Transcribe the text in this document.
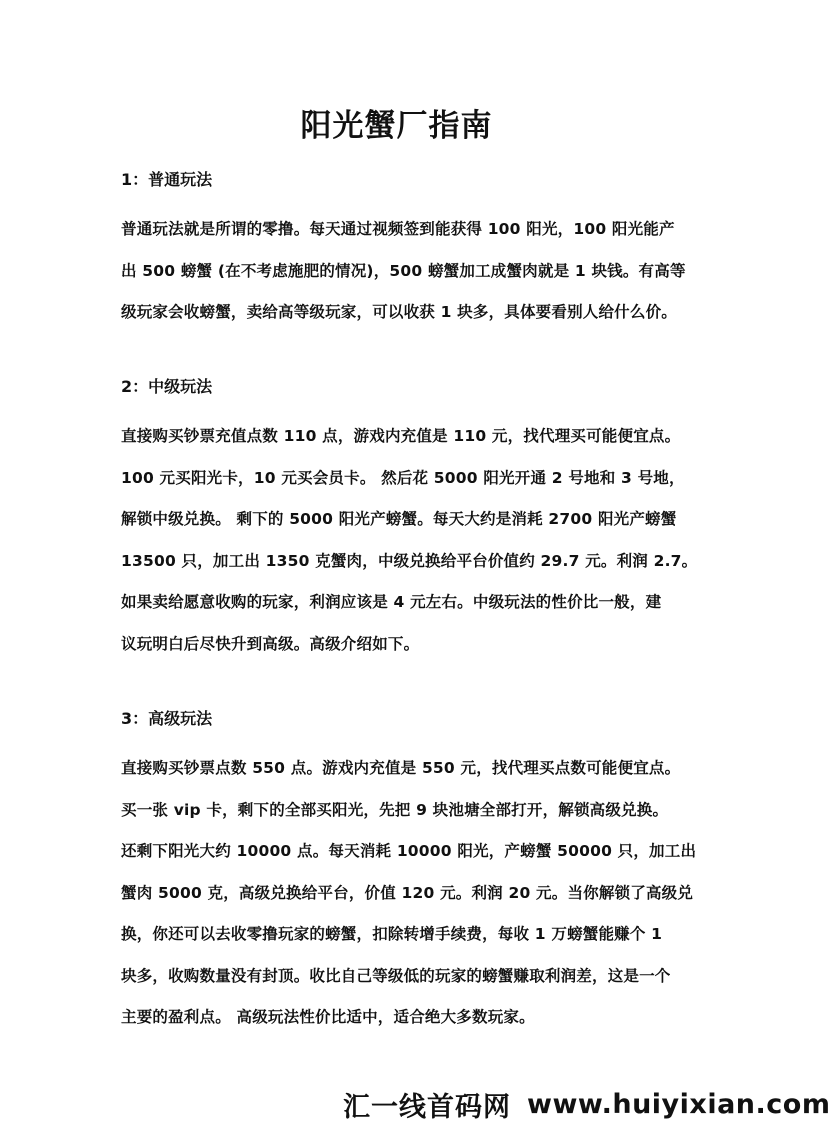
阳光蟹厂指南
1：普通玩法
普通玩法就是所谓的零撸。每天通过视频签到能获得 100 阳光，100 阳光能产
出 500 螃蟹 (在不考虑施肥的情况)，500 螃蟹加工成蟹肉就是 1 块钱。有高等
级玩家会收螃蟹，卖给高等级玩家，可以收获 1 块多，具体要看别人给什么价。
2：中级玩法
直接购买钞票充值点数 110 点，游戏内充值是 110 元，找代理买可能便宜点。
100 元买阳光卡，10 元买会员卡。 然后花 5000 阳光开通 2 号地和 3 号地，
解锁中级兑换。 剩下的 5000 阳光产螃蟹。每天大约是消耗 2700 阳光产螃蟹
13500 只，加工出 1350 克蟹肉，中级兑换给平台价值约 29.7 元。利润 2.7。
如果卖给愿意收购的玩家，利润应该是 4 元左右。中级玩法的性价比一般，建
议玩明白后尽快升到高级。高级介绍如下。
3：高级玩法
直接购买钞票点数 550 点。游戏内充值是 550 元，找代理买点数可能便宜点。
买一张 vip 卡，剩下的全部买阳光，先把 9 块池塘全部打开，解锁高级兑换。
还剩下阳光大约 10000 点。每天消耗 10000 阳光，产螃蟹 50000 只，加工出
蟹肉 5000 克，高级兑换给平台，价值 120 元。利润 20 元。当你解锁了高级兑
换，你还可以去收零撸玩家的螃蟹，扣除转增手续费，每收 1 万螃蟹能赚个 1
块多，收购数量没有封顶。收比自己等级低的玩家的螃蟹赚取利润差，这是一个
主要的盈利点。 高级玩法性价比适中，适合绝大多数玩家。
汇一线首码网 www.huiyixian.com
